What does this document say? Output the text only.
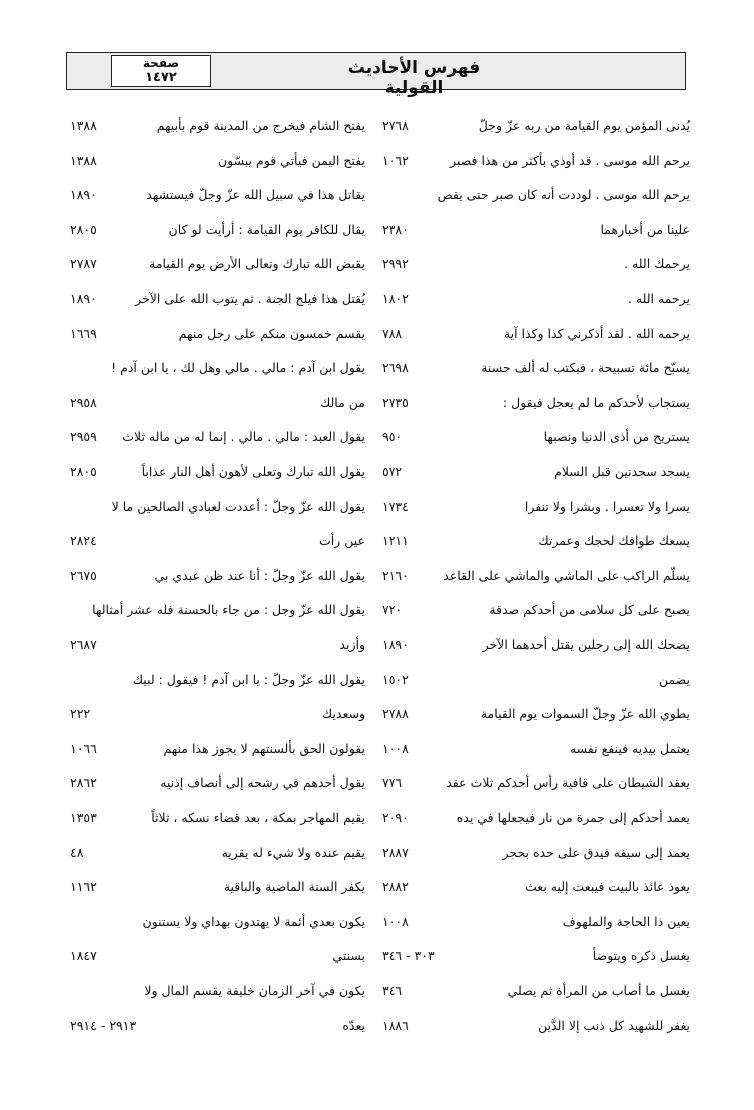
فهرس الأحاديث القولية
صفحة
١٤٧٢
يُدنى المؤمن يوم القيامة من ربه عزّ وجلّ
٢٧٦٨
يرحم الله موسى . قد أوذي بأكثر من هذا فصبر
١٠٦٢
يرحم الله موسى . لوددت أنه كان صبر حتى يقص
علينا من أخبارهما
٢٣٨٠
يرحمك الله .
٢٩٩٢
يرحمه الله .
١٨٠٢
يرحمه الله . لقد أذكرني كذا وكذا آية
٧٨٨
يسبّح مائة تسبيحة ، فيكتب له ألف حسنة
٢٦٩٨
يستجاب لأحدكم ما لم يعجل فيقول :
٢٧٣٥
يستريح من أذى الدنيا ونصبها
٩٥٠
يسجد سجدتين قبل السلام
٥٧٢
يسرا ولا تعسرا . وبشرا ولا تنفرا
١٧٣٤
يسعك طوافك لحجك وعمرتك
١٢١١
يسلّم الراكب على الماشي والماشي على القاعد
٢١٦٠
يصبح على كل سلامى من أحدكم صدقة
٧٢٠
يضحك الله إلى رجلين يقتل أحدهما الآخر
١٨٩٠
يضمن
١٥٠٢
يطوي الله عزّ وجلّ السموات يوم القيامة
٢٧٨٨
يعتمل بيديه فينفع نفسه
١٠٠٨
يعقد الشيطان على قافية رأس أحدكم ثلاث عقد
٧٧٦
يعمد أحدكم إلى جمرة من نار فيجعلها في يده
٢٠٩٠
يعمد إلى سيفه فيدق على حده بحجر
٢٨٨٧
يعوذ عائذ بالبيت فيبعث إليه بعث
٢٨٨٢
يعين ذا الحاجة والملهوف
١٠٠٨
يغسل ذكره ويتوضأ
٣٠٣ - ٣٤٦
يغسل ما أصاب من المرأة ثم يصلي
٣٤٦
يغفر للشهيد كل ذنب إلا الدَّين
١٨٨٦
يفتح الشام فيخرج من المدينة قوم بأبيهم
١٣٨٨
يفتح اليمن فيأتي قوم يبسّون
١٣٨٨
يقاتل هذا في سبيل الله عزّ وجلّ فيستشهد
١٨٩٠
يقال للكافر يوم القيامة : أرأيت لو كان
٢٨٠٥
يقبض الله تبارك وتعالى الأرض يوم القيامة
٢٧٨٧
يُقتل هذا فيلج الجنة . ثم يتوب الله على الآخر
١٨٩٠
يقسم خمسون منكم على رجل منهم
١٦٦٩
يقول ابن آدم : مالي . مالي وهل لك ، يا ابن آدم !
من مالك
٢٩٥٨
يقول العبد : مالي . مالي . إنما له من ماله ثلاث
٢٩٥٩
يقول الله تبارك وتعلى لأهون أهل النار عذاباً
٢٨٠٥
يقول الله عزّ وجلّ : أعددت لعبادي الصالحين ما لا
عين رأت
٢٨٢٤
يقول الله عزّ وجلّ : أنا عند ظن عبدي بي
٢٦٧٥
يقول الله عزّ وجل : من جاء بالحسنة فله عشر أمثالها
وأزيد
٢٦٨٧
يقول الله عزّ وجلّ : يا ابن آدم ! فيقول : لبيك
وسعديك
٢٢٢
يقولون الحق بألسنتهم لا يجوز هذا منهم
١٠٦٦
يقول أحدهم في رشحه إلى أنصاف إذنيه
٢٨٦٢
يقيم المهاجر بمكة ، بعد قضاء نسكه ، ثلاثاً
١٣٥٣
يقيم عنده ولا شيء له يقريه
٤٨
يكفر السنة الماضية والباقية
١١٦٢
يكون بعدي أئمة لا يهتدون بهداي ولا يستنون
بسنتي
١٨٤٧
يكون في آخر الزمان خليفة يقسم المال ولا
يعدّه
٢٩١٣ - ٢٩١٤
